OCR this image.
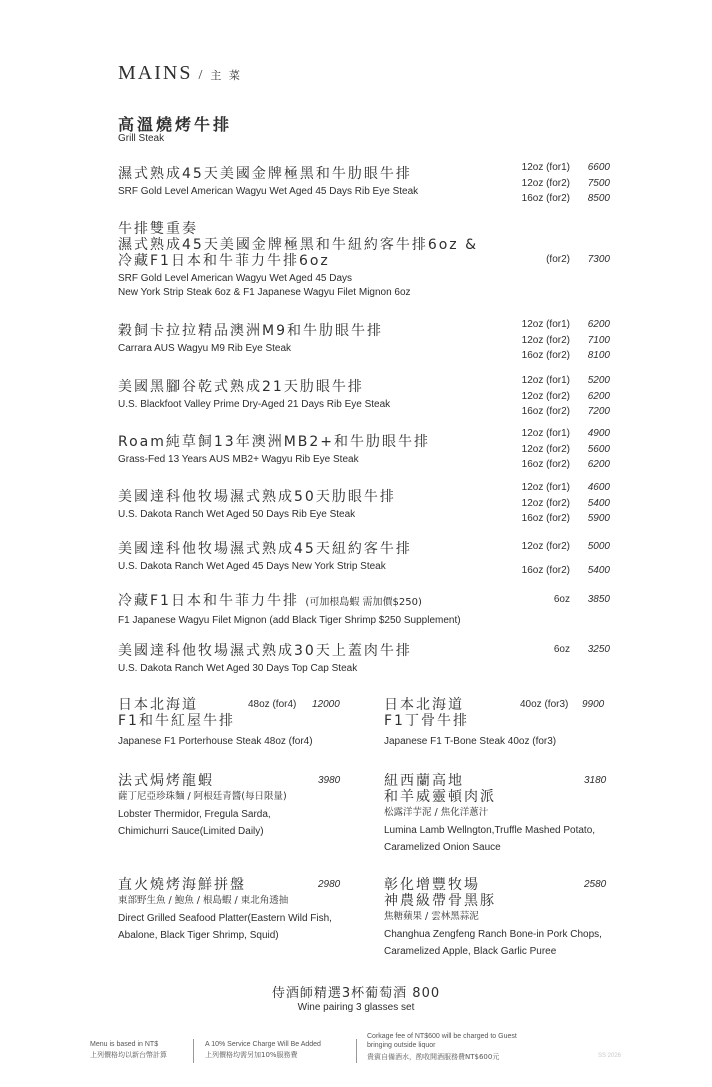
MAINS / 主 菜
高溫燒烤牛排
Grill Steak
濕式熟成45天美國金牌極黑和牛肋眼牛排
SRF Gold Level American Wagyu Wet Aged 45 Days Rib Eye Steak
12oz (for1) 6600
12oz (for2) 7500
16oz (for2) 8500
牛排雙重奏
濕式熟成45天美國金牌極黑和牛紐約客牛排6oz &
冷藏F1日本和牛菲力牛排6oz
SRF Gold Level American Wagyu Wet Aged 45 Days
New York Strip Steak 6oz & F1 Japanese Wagyu Filet Mignon 6oz
(for2) 7300
穀飼卡拉拉精品澳洲M9和牛肋眼牛排
Carrara AUS Wagyu M9 Rib Eye Steak
12oz (for1) 6200
12oz (for2) 7100
16oz (for2) 8100
美國黑腳谷乾式熟成21天肋眼牛排
U.S. Blackfoot Valley Prime Dry-Aged 21 Days Rib Eye Steak
12oz (for1) 5200
12oz (for2) 6200
16oz (for2) 7200
Roam純草飼13年澳洲MB2+和牛肋眼牛排
Grass-Fed 13 Years AUS MB2+ Wagyu Rib Eye Steak
12oz (for1) 4900
12oz (for2) 5600
16oz (for2) 6200
美國達科他牧場濕式熟成50天肋眼牛排
U.S. Dakota Ranch Wet Aged 50 Days Rib Eye Steak
12oz (for1) 4600
12oz (for2) 5400
16oz (for2) 5900
美國達科他牧場濕式熟成45天紐約客牛排
U.S. Dakota Ranch Wet Aged 45 Days New York Strip Steak
12oz (for2) 5000
16oz (for2) 5400
冷藏F1日本和牛菲力牛排 (可加根島蝦 需加價$250)
F1 Japanese Wagyu Filet Mignon (add Black Tiger Shrimp $250 Supplement)
6oz 3850
美國達科他牧場濕式熟成30天上蓋肉牛排
U.S. Dakota Ranch Wet Aged 30 Days Top Cap Steak
6oz 3250
日本北海道
F1和牛紅屋牛排
Japanese F1 Porterhouse Steak 48oz (for4)
48oz (for4) 12000	日本北海道
F1丁骨牛排
Japanese F1 T-Bone Steak 40oz (for3)
40oz (for3) 9900
法式焗烤龍蝦
薩丁尼亞珍珠麵 / 阿根廷青醬(每日限量)
Lobster Thermidor, Fregula Sarda,
Chimichurri Sauce(Limited Daily)
3980	紐西蘭高地
和羊威靈頓肉派
松露洋芋泥 / 焦化洋蔥汁
Lumina Lamb Wellngton,Truffle Mashed Potato,
Caramelized Onion Sauce
3180
直火燒烤海鮮拼盤
東部野生魚 / 鮑魚 / 根島蝦 / 東北角透抽
Direct Grilled Seafood Platter(Eastern Wild Fish,
Abalone, Black Tiger Shrimp, Squid)
2980	彰化增豐牧場
神農級帶骨黑豚
焦糖蘋果 / 雲林黑蒜泥
Changhua Zengfeng Ranch Bone-in Pork Chops,
Caramelized Apple, Black Garlic Puree
2580
侍酒師精選3杯葡萄酒 800
Wine pairing 3 glasses set
Menu is based in NT$
上列價格均以新台幣計算
A 10% Service Charge Will Be Added
上列價格均需另加10%服務費
Corkage fee of NT$600 will be charged to Guest
bringing outside liquor
貴賓自備酒水，酌收開酒服務費NT$600元	SS 2026
